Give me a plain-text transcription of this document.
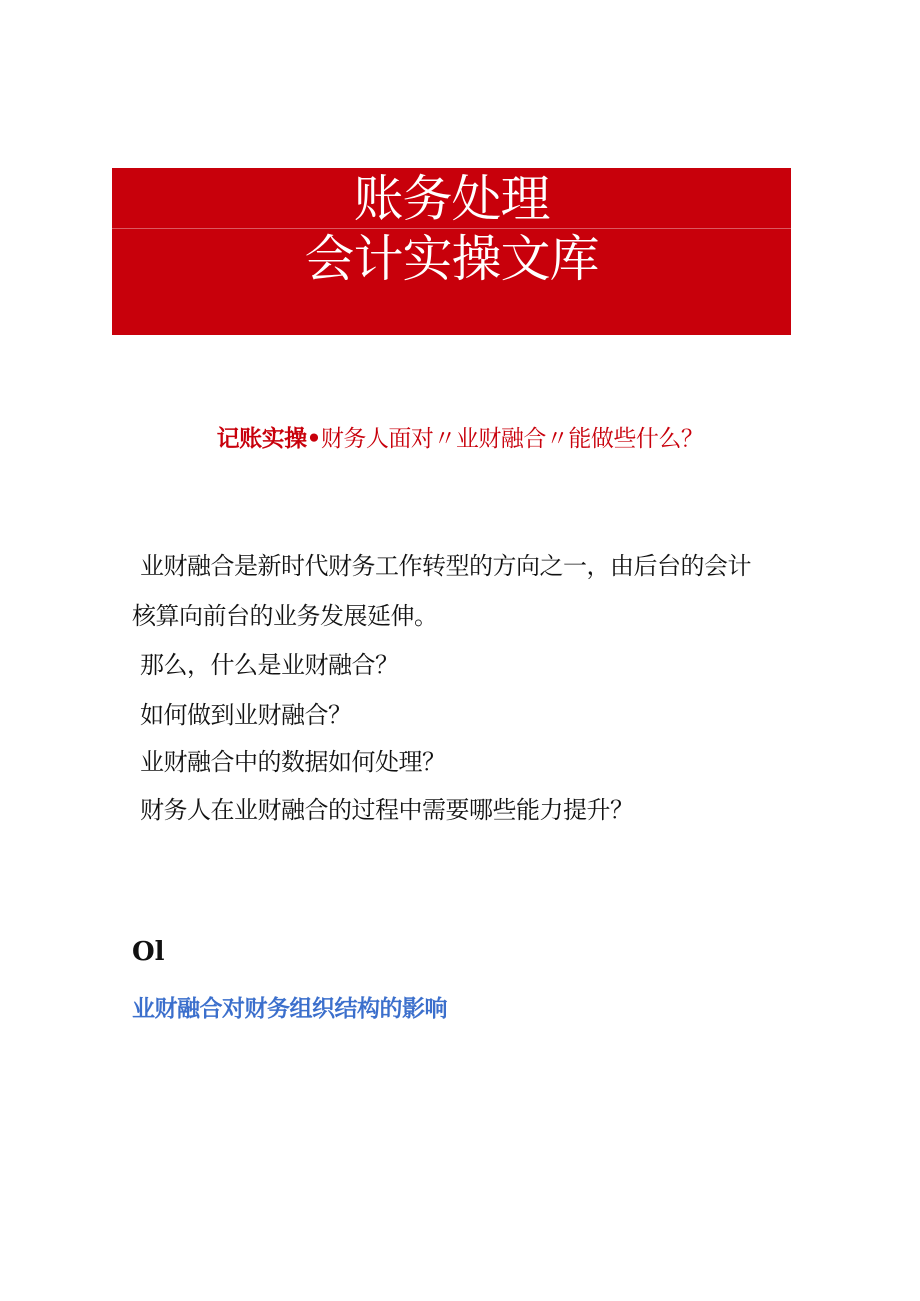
账务处理
会计实操文库
记账实操•财务人面对〃业财融合〃能做些什么？
业财融合是新时代财务工作转型的方向之一，由后台的会计
核算向前台的业务发展延伸。
那么，什么是业财融合？
如何做到业财融合？
业财融合中的数据如何处理？
财务人在业财融合的过程中需要哪些能力提升？
Ol
业财融合对财务组织结构的影响
